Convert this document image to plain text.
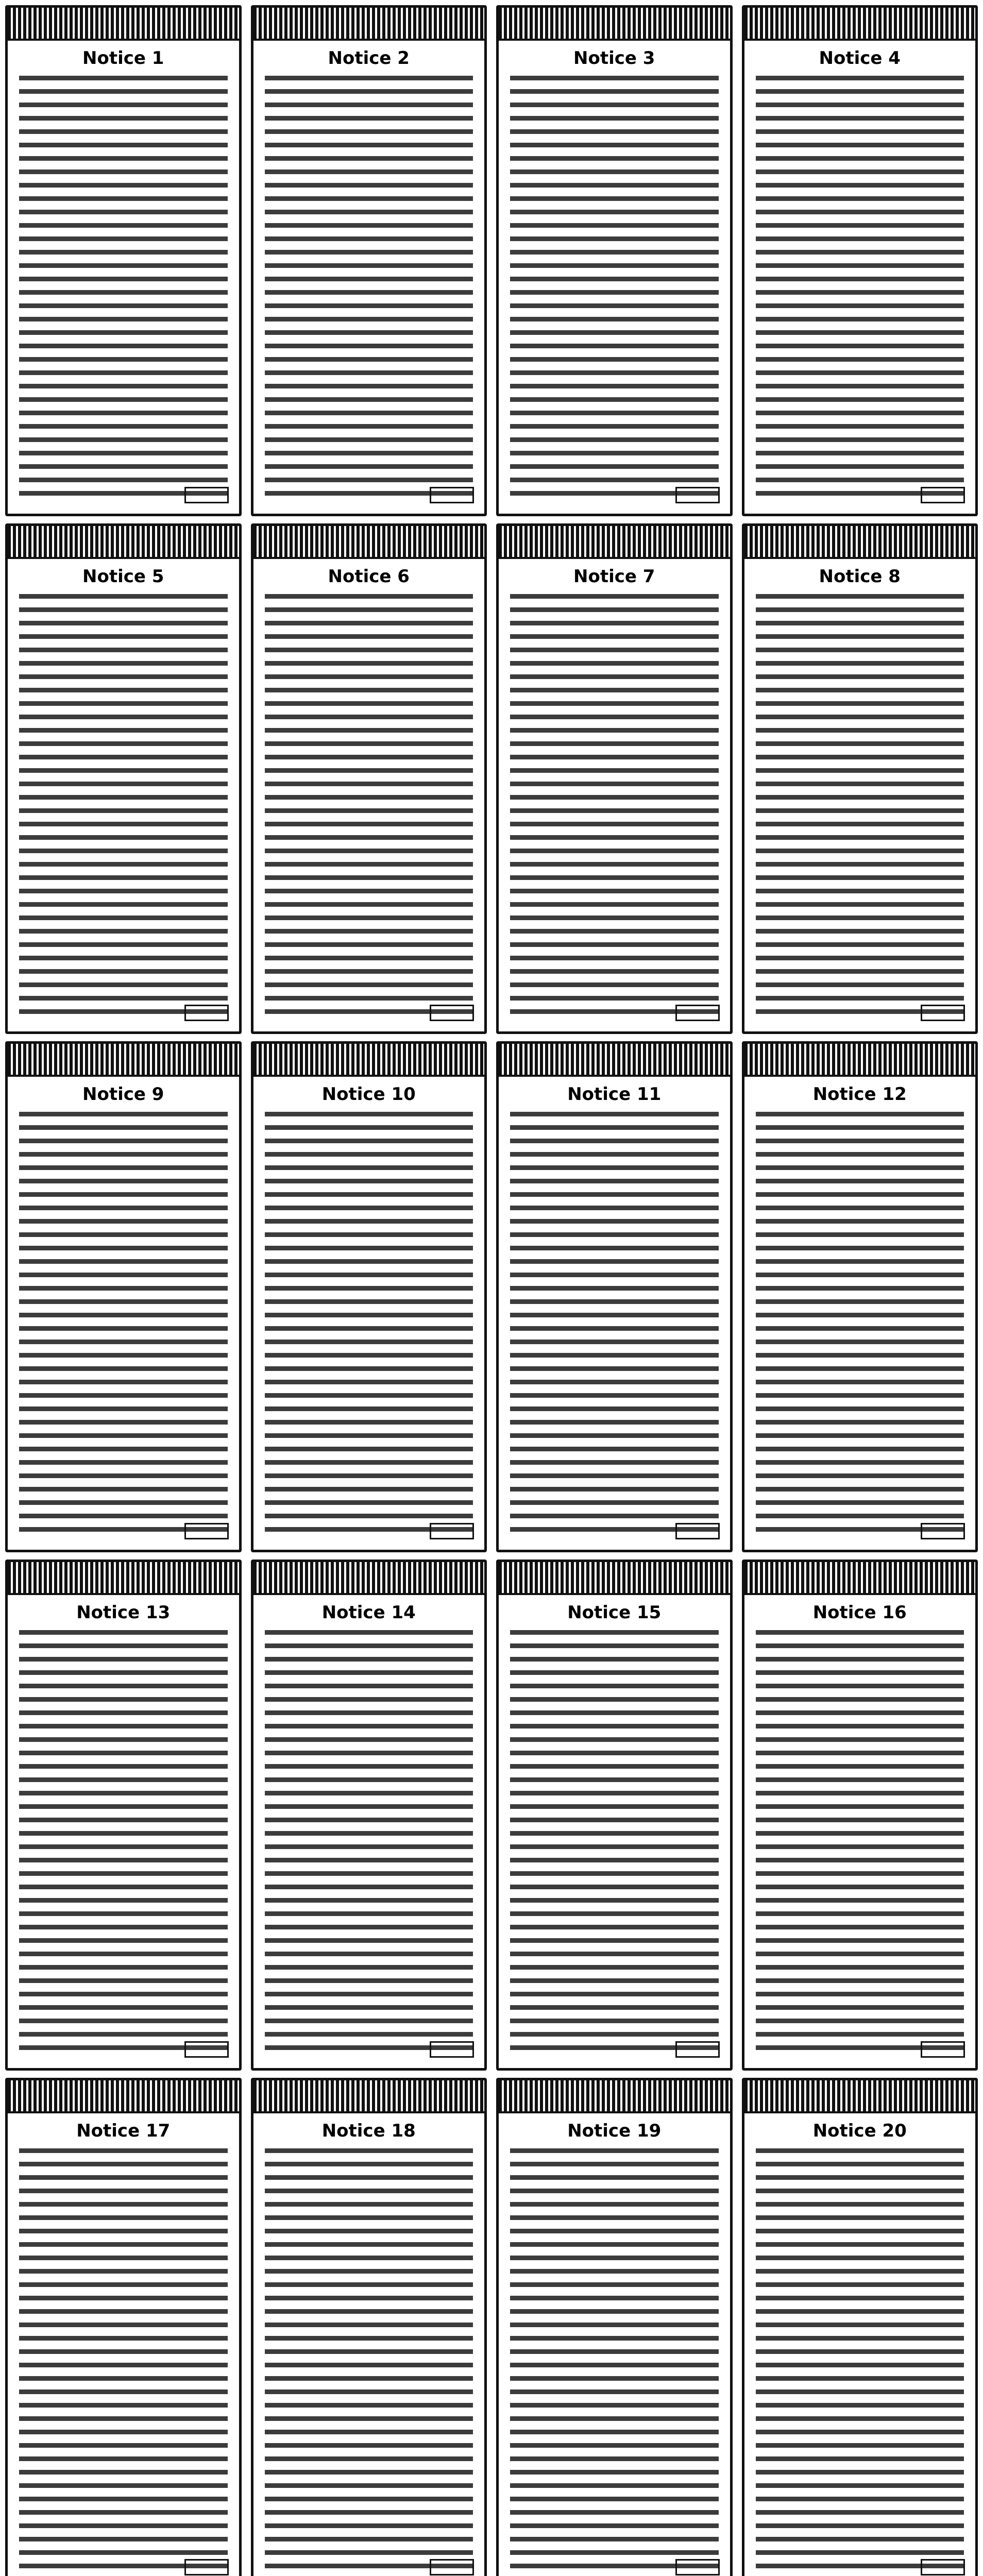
Notice 1	Notice 2	Notice 3	Notice 4
Notice 5	Notice 6	Notice 7	Notice 8
Notice 9	Notice 10	Notice 11	Notice 12
Notice 13	Notice 14	Notice 15	Notice 16
Notice 17	Notice 18	Notice 19	Notice 20
